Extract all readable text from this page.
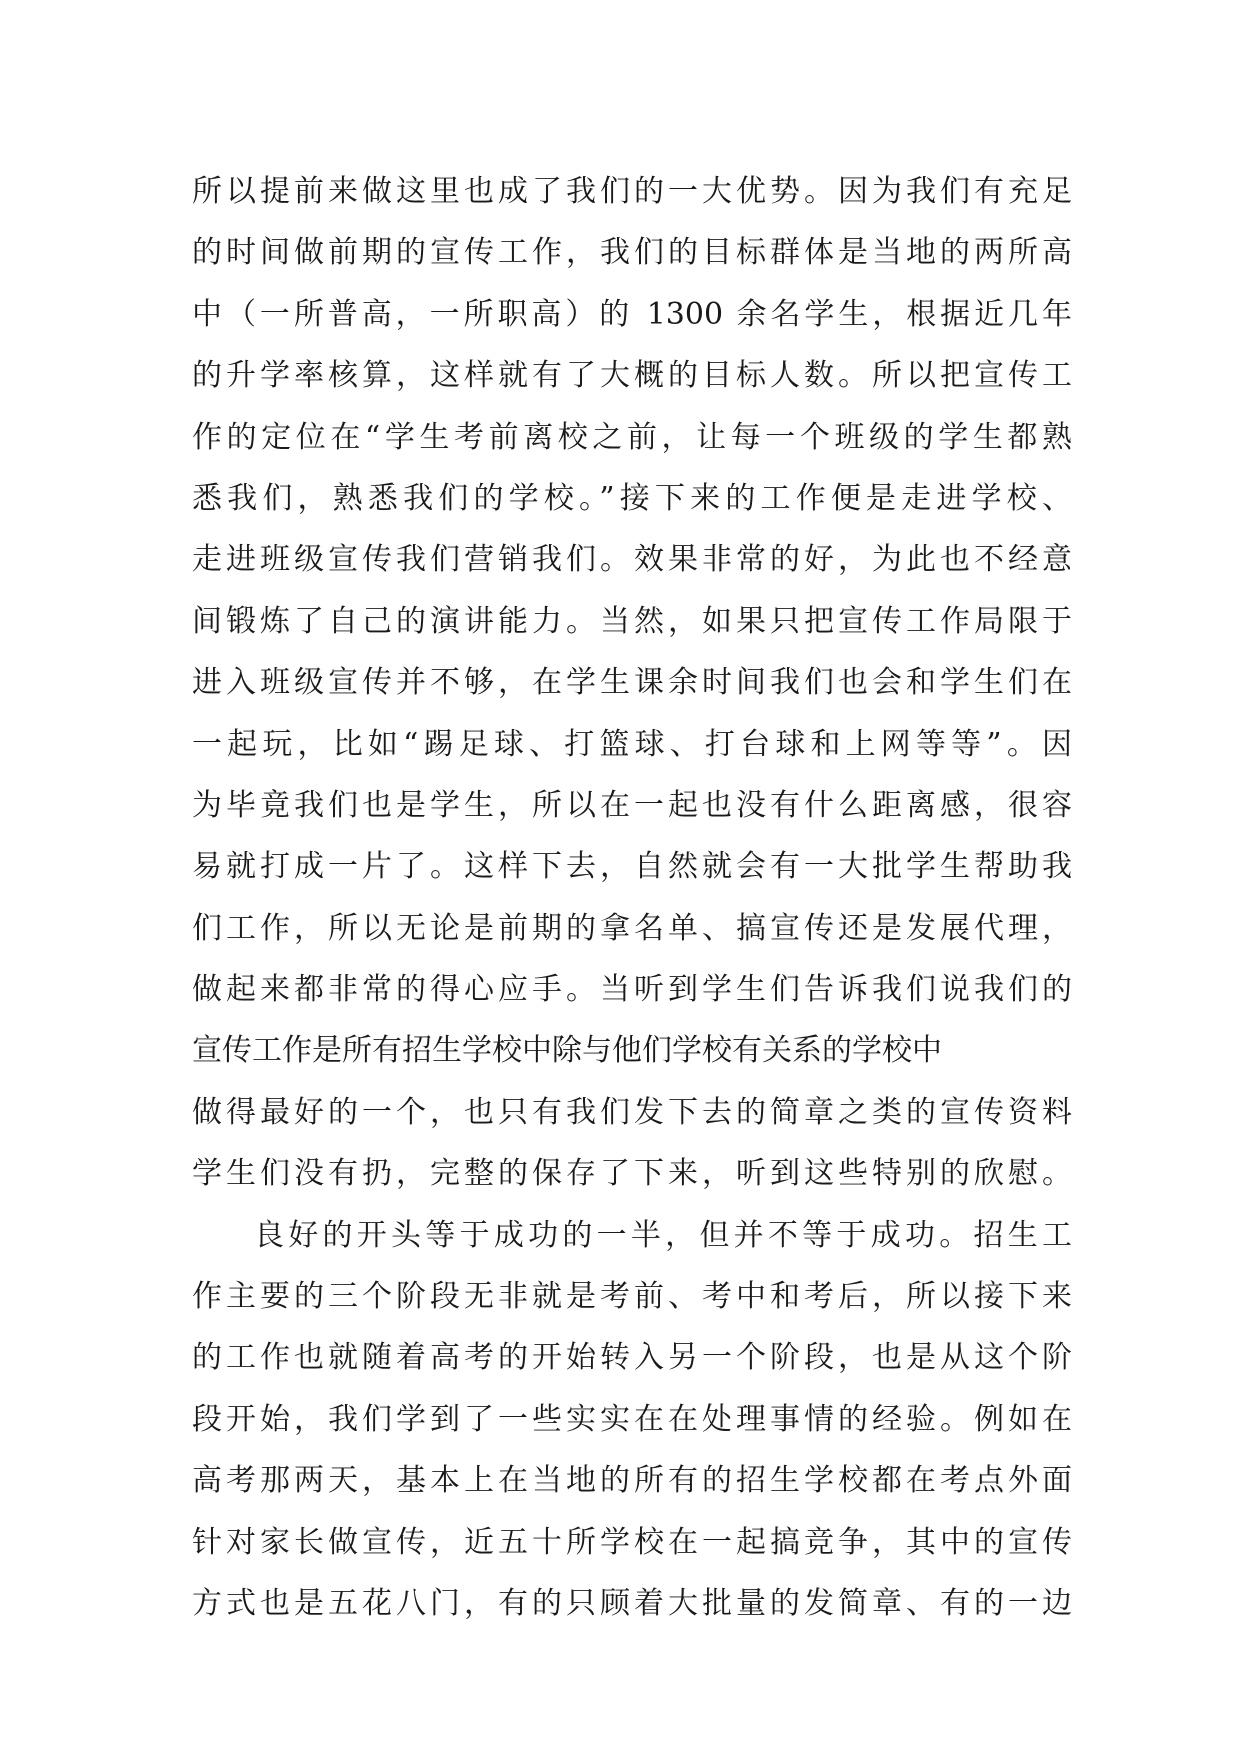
所以提前来做这里也成了我们的一大优势。因为我们有充足
的时间做前期的宣传工作，我们的目标群体是当地的两所高
中（一所普高，一所职高）的 1300 余名学生，根据近几年
的升学率核算，这样就有了大概的目标人数。所以把宣传工
作的定位在“学生考前离校之前，让每一个班级的学生都熟
悉我们，熟悉我们的学校。”接下来的工作便是走进学校、
走进班级宣传我们营销我们。效果非常的好，为此也不经意
间锻炼了自己的演讲能力。当然，如果只把宣传工作局限于
进入班级宣传并不够，在学生课余时间我们也会和学生们在
一起玩，比如“踢足球、打篮球、打台球和上网等等”。因
为毕竟我们也是学生，所以在一起也没有什么距离感，很容
易就打成一片了。这样下去，自然就会有一大批学生帮助我
们工作，所以无论是前期的拿名单、搞宣传还是发展代理，
做起来都非常的得心应手。当听到学生们告诉我们说我们的
宣传工作是所有招生学校中除与他们学校有关系的学校中
做得最好的一个，也只有我们发下去的简章之类的宣传资料
学生们没有扔，完整的保存了下来，听到这些特别的欣慰。
良好的开头等于成功的一半，但并不等于成功。招生工
作主要的三个阶段无非就是考前、考中和考后，所以接下来
的工作也就随着高考的开始转入另一个阶段，也是从这个阶
段开始，我们学到了一些实实在在处理事情的经验。例如在
高考那两天，基本上在当地的所有的招生学校都在考点外面
针对家长做宣传，近五十所学校在一起搞竞争，其中的宣传
方式也是五花八门，有的只顾着大批量的发简章、有的一边
